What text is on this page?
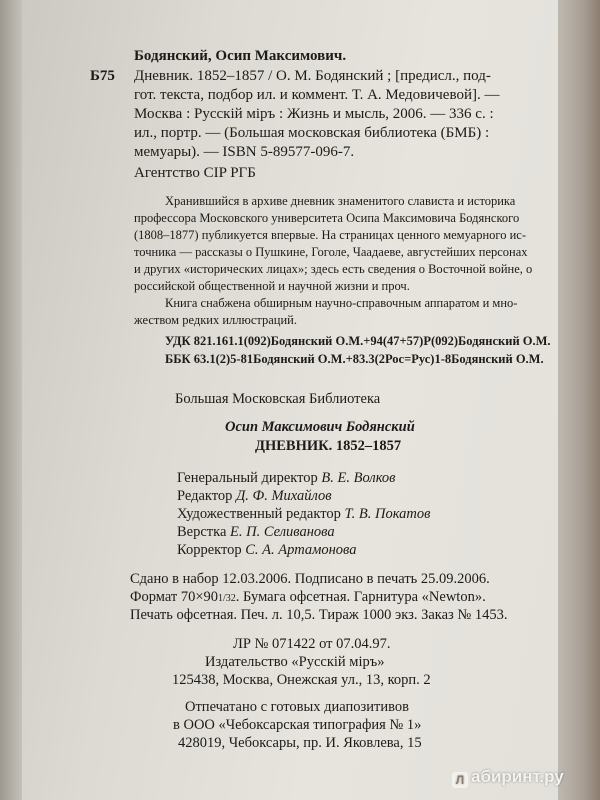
Бодянский, Осип Максимович.
Б75 Дневник. 1852–1857 / О. М. Бодянский ; [предисл., под-
гот. текста, подбор ил. и коммент. Т. А. Медовичевой]. —
Москва : Русскій міръ : Жизнь и мысль, 2006. — 336 с. :
ил., портр. — (Большая московская библиотека (БМБ) :
мемуары). — ISBN 5-89577-096-7.
Агентство CIP РГБ
Хранившийся в архиве дневник знаменитого слависта и историка
профессора Московского университета Осипа Максимовича Бодянского
(1808–1877) публикуется впервые. На страницах ценного мемуарного ис-
точника — рассказы о Пушкине, Гоголе, Чаадаеве, августейших персонах
и других «исторических лицах»; здесь есть сведения о Восточной войне, о
российской общественной и научной жизни и проч.
Книга снабжена обширным научно-справочным аппаратом и мно-
жеством редких иллюстраций.
УДК 821.161.1(092)Бодянский О.М.+94(47+57)Р(092)Бодянский О.М.
ББК 63.1(2)5-81Бодянский О.М.+83.3(2Рос=Рус)1-8Бодянский О.М.
Большая Московская Библиотека
Осип Максимович Бодянский
ДНЕВНИК. 1852–1857
Генеральный директор В. Е. Волков
Редактор Д. Ф. Михайлов
Художественный редактор Т. В. Покатов
Верстка Е. П. Селиванова
Корректор С. А. Артамонова
Сдано в набор 12.03.2006. Подписано в печать 25.09.2006.
Формат 70×901/32. Бумага офсетная. Гарнитура «Newton».
Печать офсетная. Печ. л. 10,5. Тираж 1000 экз. Заказ № 1453.
ЛР № 071422 от 07.04.97.
Издательство «Русскій міръ»
125438, Москва, Онежская ул., 13, корп. 2
Отпечатано с готовых диапозитивов
в ООО «Чебоксарская типография № 1»
428019, Чебоксары, пр. И. Яковлева, 15
Л абиринт.ру
